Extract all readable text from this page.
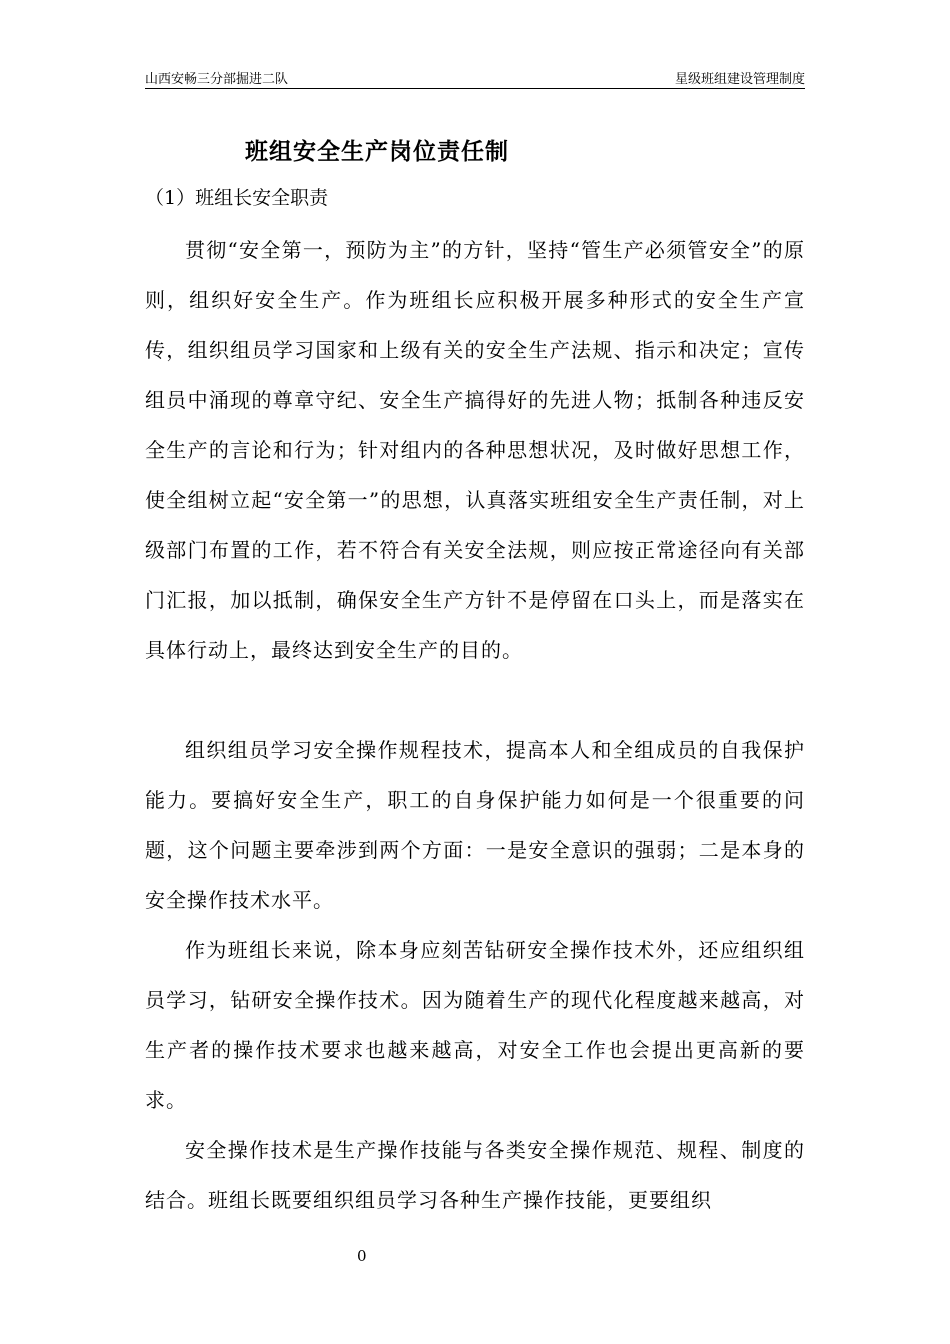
山西安畅三分部掘进二队	星级班组建设管理制度
班组安全生产岗位责任制
（1）班组长安全职责

贯彻“安全第一，预防为主”的方针，坚持“管生产必须管安全”的原则，组织好安全生产。作为班组长应积极开展多种形式的安全生产宣传，组织组员学习国家和上级有关的安全生产法规、指示和决定；宣传组员中涌现的尊章守纪、安全生产搞得好的先进人物；抵制各种违反安全生产的言论和行为；针对组内的各种思想状况，及时做好思想工作，使全组树立起“安全第一”的思想，认真落实班组安全生产责任制，对上级部门布置的工作，若不符合有关安全法规，则应按正常途径向有关部门汇报，加以抵制，确保安全生产方针不是停留在口头上，而是落实在具体行动上，最终达到安全生产的目的。

组织组员学习安全操作规程技术，提高本人和全组成员的自我保护能力。要搞好安全生产，职工的自身保护能力如何是一个很重要的问题，这个问题主要牵涉到两个方面：一是安全意识的强弱；二是本身的安全操作技术水平。

作为班组长来说，除本身应刻苦钻研安全操作技术外，还应组织组员学习，钻研安全操作技术。因为随着生产的现代化程度越来越高，对生产者的操作技术要求也越来越高，对安全工作也会提出更高新的要求。

安全操作技术是生产操作技能与各类安全操作规范、规程、制度的结合。班组长既要组织组员学习各种生产操作技能，更要组织

0
